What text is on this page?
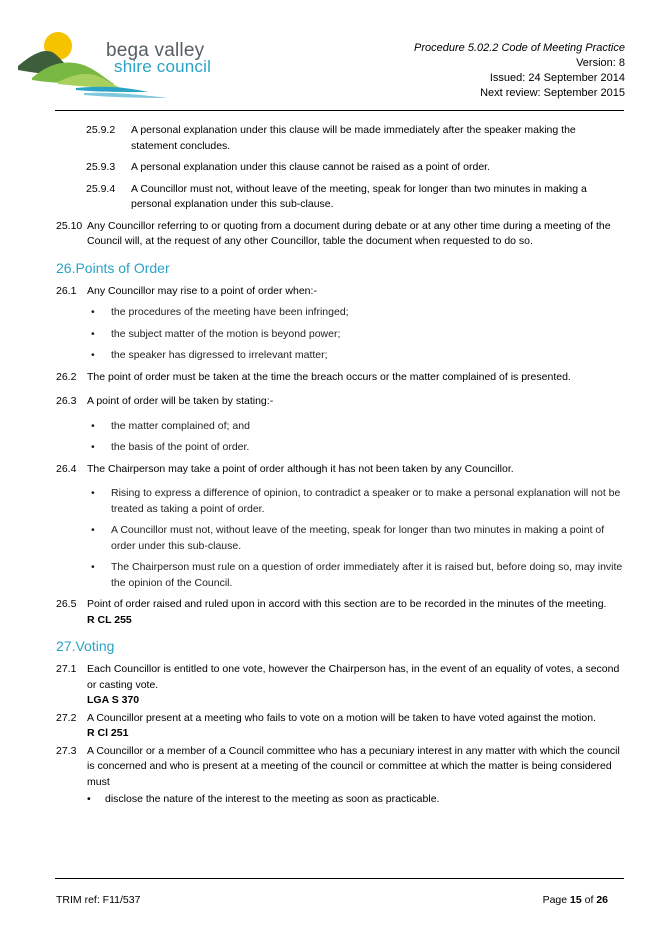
bega valley
shire council
Procedure 5.02.2 Code of Meeting Practice
Version: 8
Issued: 24 September 2014
Next review: September 2015
25.9.2 A personal explanation under this clause will be made immediately after the speaker making the statement concludes.
25.9.3 A personal explanation under this clause cannot be raised as a point of order.
25.9.4 A Councillor must not, without leave of the meeting, speak for longer than two minutes in making a personal explanation under this sub-clause.
25.10 Any Councillor referring to or quoting from a document during debate or at any other time during a meeting of the Council will, at the request of any other Councillor, table the document when requested to do so.
26.Points of Order
26.1 Any Councillor may rise to a point of order when:-
• the procedures of the meeting have been infringed;
• the subject matter of the motion is beyond power;
• the speaker has digressed to irrelevant matter;
26.2 The point of order must be taken at the time the breach occurs or the matter complained of is presented.
26.3 A point of order will be taken by stating:-
• the matter complained of; and
• the basis of the point of order.
26.4 The Chairperson may take a point of order although it has not been taken by any Councillor.
• Rising to express a difference of opinion, to contradict a speaker or to make a personal explanation will not be treated as taking a point of order.
• A Councillor must not, without leave of the meeting, speak for longer than two minutes in making a point of order under this sub-clause.
• The Chairperson must rule on a question of order immediately after it is raised but, before doing so, may invite the opinion of the Council.
26.5 Point of order raised and ruled upon in accord with this section are to be recorded in the minutes of the meeting.
R CL 255
27.Voting
27.1 Each Councillor is entitled to one vote, however the Chairperson has, in the event of an equality of votes, a second or casting vote.
LGA S 370
27.2 A Councillor present at a meeting who fails to vote on a motion will be taken to have voted against the motion.
R Cl 251
27.3 A Councillor or a member of a Council committee who has a pecuniary interest in any matter with which the council is concerned and who is present at a meeting of the council or committee at which the matter is being considered must
• disclose the nature of the interest to the meeting as soon as practicable.
TRIM ref: F11/537	Page 15 of 26
